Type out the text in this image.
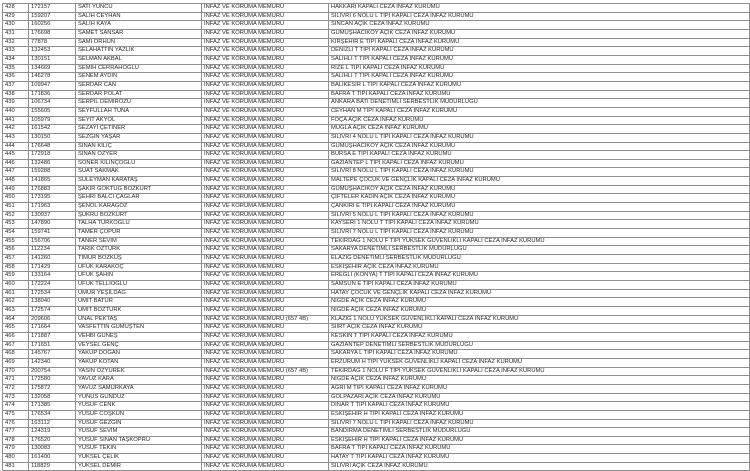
428	172157	SATI YÜNCÜ	İNFAZ VE KORUMA MEMURU	HAKKARİ KAPALI CEZA İNFAZ KURUMU
429	159207	SALİH CEYHAN	İNFAZ VE KORUMA MEMURU	SİLİVRİ 6 NOLU L TİPİ KAPALI CEZA İNFAZ KURUMU
430	160256	SALİH KAYA	İNFAZ VE KORUMA MEMURU	SİNCAN AÇIK CEZA İNFAZ KURUMU
431	176698	SAMET SANSAR	İNFAZ VE KORUMA MEMURU	GÜMÜŞHACIKÖY AÇIK CEZA İNFAZ KURUMU
432	77878	SAMİ ORHUN	İNFAZ VE KORUMA MEMURU	KIRŞEHİR E TİPİ KAPALI CEZA İNFAZ KURUMU
433	132453	SELAHATTİN YAZLIK	İNFAZ VE KORUMA MEMURU	DENİZLİ T TİPİ KAPALI CEZA İNFAZ KURUMU
434	130151	SELMAN AKBAL	İNFAZ VE KORUMA MEMURU	SALİHLİ T TİPİ KAPALI CEZA İNFAZ KURUMU
435	134669	SEMİH CERRAHOĞLU	İNFAZ VE KORUMA MEMURU	RİZE L TİPİ KAPALI CEZA İNFAZ KURUMU
436	146278	SENEM AYDIN	İNFAZ VE KORUMA MEMURU	SALİHLİ T TİPİ KAPALI CEZA İNFAZ KURUMU
437	109947	SERDAR CAN	İNFAZ VE KORUMA MEMURU	BALIKESİR L TİPİ KAPALI CEZA İNFAZ KURUMU
438	171836	SERDAR POLAT	İNFAZ VE KORUMA MEMURU	BAFRA T TİPİ KAPALI CEZA İNFAZ KURUMU
439	106734	SERPİL DEMİRÖZÜ	İNFAZ VE KORUMA MEMURU	ANKARA BATI DENETİMLİ SERBESTLİK MÜDÜRLÜĞÜ
440	155605	SEYFULLAH TUNA	İNFAZ VE KORUMA MEMURU	CEYHAN M TİPİ KAPALI CEZA İNFAZ KURUMU
441	105979	SEYİT AKYOL	İNFAZ VE KORUMA MEMURU	FOÇA AÇIK CEZA İNFAZ KURUMU
442	161542	SEZAYİ ÇETİNER	İNFAZ VE KORUMA MEMURU	MUĞLA AÇIK CEZA İNFAZ KURUMU
443	130150	SEZGİN YAŞAR	İNFAZ VE KORUMA MEMURU	SİLİVRİ 4 NOLU L TİPİ KAPALI CEZA İNFAZ KURUMU
444	176648	SİNAN KILIÇ	İNFAZ VE KORUMA MEMURU	GÜMÜŞHACIKÖY AÇIK CEZA İNFAZ KURUMU
445	172918	SİNAN ÖZYER	İNFAZ VE KORUMA MEMURU	BURSA E TİPİ KAPALI CEZA İNFAZ KURUMU
446	132486	SONER KILINÇOĞLU	İNFAZ VE KORUMA MEMURU	GAZİANTEP L TİPİ KAPALI CEZA İNFAZ KURUMU
447	159288	SUAT SAKMAK	İNFAZ VE KORUMA MEMURU	SİLİVRİ 8 NOLU L TİPİ KAPALI CEZA İNFAZ KURUMU
448	141865	SÜLEYMAN KARATAŞ	İNFAZ VE KORUMA MEMURU	MALTEPE ÇOCUK VE GENÇLİK KAPALI CEZA İNFAZ KURUMU
449	176883	ŞAKİR GÖKTUĞ BOZKURT	İNFAZ VE KORUMA MEMURU	GÜMÜŞHACIKÖY AÇIK CEZA İNFAZ KURUMU
450	173195	ŞEHRİ BALCI ÇAĞLAR	İNFAZ VE KORUMA MEMURU	ÇİFTELER KADIN AÇIK CEZA İNFAZ KURUMU
451	171963	ŞENOL KARAGÖZ	İNFAZ VE KORUMA MEMURU	ÇANKIRI E TİPİ KAPALI CEZA İNFAZ KURUMU
452	130037	ŞÜKRÜ BOZKURT	İNFAZ VE KORUMA MEMURU	SİLİVRİ 5 NOLU L TİPİ KAPALI CEZA İNFAZ KURUMU
453	147890	TALHA TÜRKOĞLU	İNFAZ VE KORUMA MEMURU	KAYSERİ 1 NOLU T TİPİ KAPALI CEZA İNFAZ KURUMU
454	159741	TAMER ÇOPUR	İNFAZ VE KORUMA MEMURU	SİLİVRİ 7 NOLU L TİPİ KAPALI CEZA İNFAZ KURUMU
455	156706	TANER SEVİM	İNFAZ VE KORUMA MEMURU	TEKİRDAĞ 1 NOLU F TİPİ YÜKSEK GÜVENLİKLİ KAPALI CEZA İNFAZ KURUMU
456	112234	TARIK ÖZTÜRK	İNFAZ VE KORUMA MEMURU	SAKARYA DENETİMLİ SERBESTLİK MÜDÜRLÜĞÜ
457	141260	TİMUR BOZKUŞ	İNFAZ VE KORUMA MEMURU	ELAZIĞ DENETİMLİ SERBESTLİK MÜDÜRLÜĞÜ
458	171429	UFUK KARAKOÇ	İNFAZ VE KORUMA MEMURU	ESKİŞEHİR AÇIK CEZA İNFAZ KURUMU
459	133164	UFUK ŞAHİN	İNFAZ VE KORUMA MEMURU	EREĞLİ (KONYA) T TİPİ KAPALI CEZA İNFAZ KURUMU
460	172224	UFUK TELLİOĞLU	İNFAZ VE KORUMA MEMURU	SAMSUN E TİPİ KAPALI CEZA İNFAZ KURUMU
461	172534	UMUR YEŞİLDAĞ	İNFAZ VE KORUMA MEMURU	HATAY ÇOCUK VE GENÇLİK KAPALI CEZA İNFAZ KURUMU
462	138040	ÜMİT BATUR	İNFAZ VE KORUMA MEMURU	NİĞDE AÇIK CEZA İNFAZ KURUMU
463	172574	ÜMİT BOZTÜRK	İNFAZ VE KORUMA MEMURU	NİĞDE AÇIK CEZA İNFAZ KURUMU
464	209606	ÜNAL PEKTAŞ	İNFAZ VE KORUMA MEMURU (657 4B)	KLAZIĞ 1 NOLU YÜKSEK GÜVENLİKLİ KAPALI CEZA İNFAZ KURUMU
465	171664	VASFETTİN GÜMÜŞTEN	İNFAZ VE KORUMA MEMURU	SİİRT AÇIK CEZA İNFAZ KURUMU
466	171887	VEHBİ GÜNEŞ	İNFAZ VE KORUMA MEMURU	KESKİN T TİPİ KAPALI CEZA İNFAZ KURUMU
467	171651	VEYSEL GENÇ	İNFAZ VE KORUMA MEMURU	GAZİANTEP DENETİMLİ SERBESTLİK MÜDÜRLÜĞÜ
468	145767	YAKUP DOĞAN	İNFAZ VE KORUMA MEMURU	SAKARYA L TİPİ KAPALI CEZA İNFAZ KURUMU
469	142340	YAKUP KOTAN	İNFAZ VE KORUMA MEMURU	ERZURUM H TİPİ YÜKSEK GÜVENLİKLİ KAPALI CEZA İNFAZ KURUMU
470	200754	YASİN ÖZYUREK	İNFAZ VE KORUMA MEMURU (657 4B)	TEKİRDAĞ 1 NOLU F TİPİ YÜKSEK GÜVENLİKLİ KAPALI CEZA İNFAZ KURUMU
471	172580	YAVUZ KARA	İNFAZ VE KORUMA MEMURU	NİĞDE AÇIK CEZA İNFAZ KURUMU
472	175872	YAVUZ SAMURKAYA	İNFAZ VE KORUMA MEMURU	AĞRI M TİPİ KAPALI CEZA İNFAZ KURUMU
473	132058	YUNUS GÜNDÜZ	İNFAZ VE KORUMA MEMURU	GÖLPAZARI AÇIK CEZA İNFAZ KURUMU
474	171385	YUSUF CENK	İNFAZ VE KORUMA MEMURU	DİNAR T TİPİ KAPALI CEZA İNFAZ KURUMU
475	176534	YUSUF COŞKUN	İNFAZ VE KORUMA MEMURU	ESKİŞEHİR H TİPİ KAPALI CEZA İNFAZ KURUMU
476	163112	YUSUF GEZGİN	İNFAZ VE KORUMA MEMURU	SİLİVRİ 7 NOLU L TİPİ KAPALI CEZA İNFAZ KURUMU
477	124319	YUSUF SEVİM	İNFAZ VE KORUMA MEMURU	BANDIRMA DENETİMLİ SERBESTLİK MÜDÜRLÜĞÜ
478	176520	YUSUF SİNAN TAŞKÖPRÜ	İNFAZ VE KORUMA MEMURU	ESKİŞEHİR H TİPİ KAPALI CEZA İNFAZ KURUMU
479	130083	YUSUF TEKİN	İNFAZ VE KORUMA MEMURU	BAFRA T TİPİ KAPALI CEZA İNFAZ KURUMU
480	161400	YÜKSEL ÇELİK	İNFAZ VE KORUMA MEMURU	HATAY T TİPİ KAPALI CEZA İNFAZ KURUMU
481	118829	YÜKSEL DEMİR	İNFAZ VE KORUMA MEMURU	SİLİVRİ AÇIK CEZA İNFAZ KURUMU
